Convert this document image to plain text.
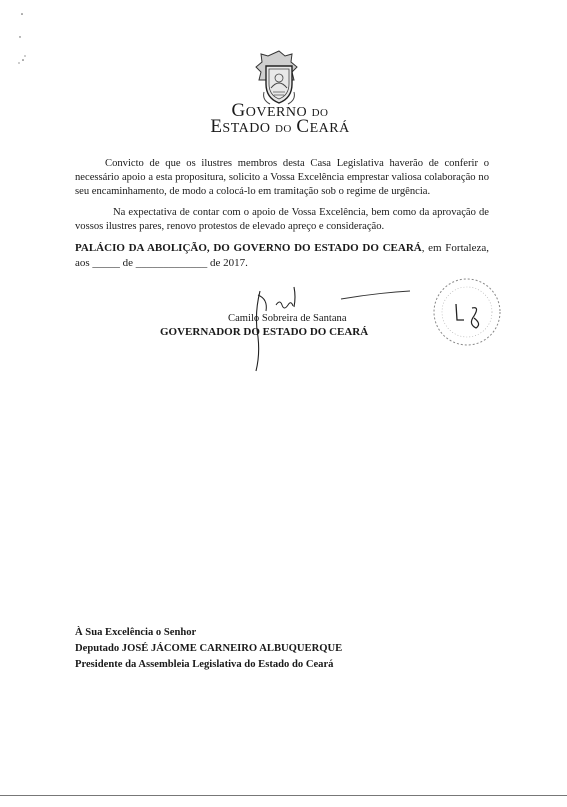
GOVERNO DO
ESTADO DO CEARÁ
Convicto de que os ilustres membros desta Casa Legislativa haverão de conferir o necessário apoio a esta propositura, solicito a Vossa Excelência emprestar valiosa colaboração no seu encaminhamento, de modo a colocá-lo em tramitação sob o regime de urgência.
Na expectativa de contar com o apoio de Vossa Excelência, bem como da aprovação de vossos ilustres pares, renovo protestos de elevado apreço e consideração.
PALÁCIO DA ABOLIÇÃO, DO GOVERNO DO ESTADO DO CEARÁ, em Fortaleza, aos _____ de _____________ de 2017.
Camilo Sobreira de Santana
GOVERNADOR DO ESTADO DO CEARÁ
À Sua Excelência o Senhor
Deputado JOSÉ JÁCOME CARNEIRO ALBUQUERQUE
Presidente da Assembleia Legislativa do Estado do Ceará
